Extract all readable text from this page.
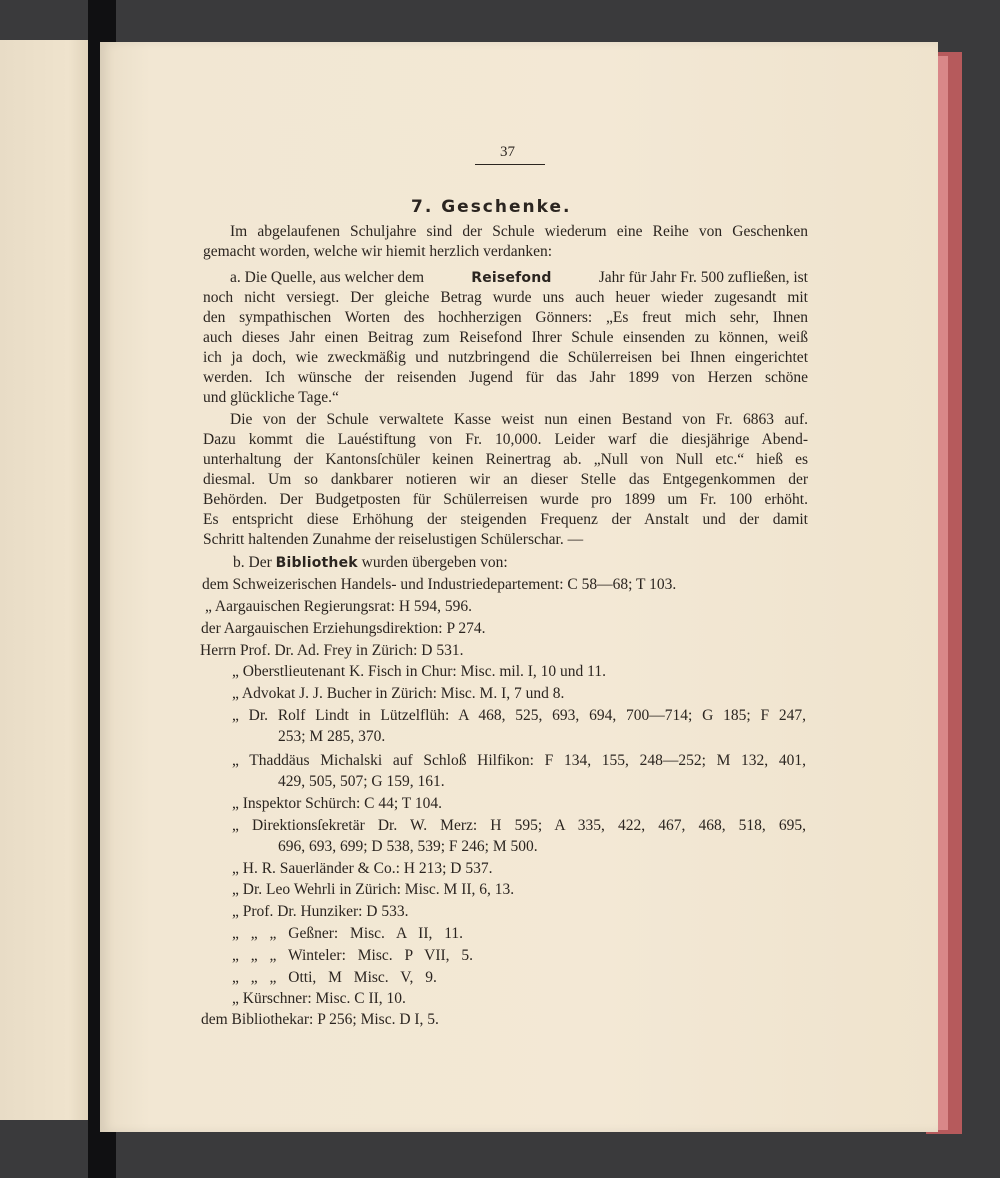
37
7. Geschenke.
Im abgelaufenen Schuljahre sind der Schule wiederum eine Reihe von Geschenken
gemacht worden, welche wir hiemit herzlich verdanken:
a. Die Quelle, aus welcher dem	Reisefond	Jahr für Jahr Fr. 500 zufließen, ist
noch nicht versiegt. Der gleiche Betrag wurde uns auch heuer wieder zugesandt mit
den sympathischen Worten des hochherzigen Gönners: „Es freut mich sehr, Ihnen
auch dieses Jahr einen Beitrag zum Reisefond Ihrer Schule einsenden zu können, weiß
ich ja doch, wie zweckmäßig und nutzbringend die Schülerreisen bei Ihnen eingerichtet
werden. Ich wünsche der reisenden Jugend für das Jahr 1899 von Herzen schöne
und glückliche Tage.“
Die von der Schule verwaltete Kasse weist nun einen Bestand von Fr. 6863 auf.
Dazu kommt die Lauéstiftung von Fr. 10,000. Leider warf die diesjährige Abend-
unterhaltung der Kantonsſchüler keinen Reinertrag ab. „Null von Null etc.“ hieß es
diesmal. Um so dankbarer notieren wir an dieser Stelle das Entgegenkommen der
Behörden. Der Budgetposten für Schülerreisen wurde pro 1899 um Fr. 100 erhöht.
Es entspricht diese Erhöhung der steigenden Frequenz der Anstalt und der damit
Schritt haltenden Zunahme der reiselustigen Schülerschar. —
b. Der Bibliothek wurden übergeben von:
dem Schweizerischen Handels- und Industriedepartement: C 58—68; T 103.
„ Aargauischen Regierungsrat: H 594, 596.
der Aargauischen Erziehungsdirektion: P 274.
Herrn Prof. Dr. Ad. Frey in Zürich: D 531.
„ Oberstlieutenant K. Fisch in Chur: Misc. mil. I, 10 und 11.
„ Advokat J. J. Bucher in Zürich: Misc. M. I, 7 und 8.
„ Dr. Rolf Lindt in Lützelflüh: A 468, 525, 693, 694, 700—714; G 185; F 247,
253; M 285, 370.
„ Thaddäus Michalski auf Schloß Hilfikon: F 134, 155, 248—252; M 132, 401,
429, 505, 507; G 159, 161.
„ Inspektor Schürch: C 44; T 104.
„ Direktionsſekretär Dr. W. Merz: H 595; A 335, 422, 467, 468, 518, 695,
696, 693, 699; D 538, 539; F 246; M 500.
„ H. R. Sauerländer & Co.: H 213; D 537.
„ Dr. Leo Wehrli in Zürich: Misc. M II, 6, 13.
„ Prof. Dr. Hunziker: D 533.
„ „ „ Geßner: Misc. A II, 11.
„ „ „ Winteler: Misc. P VII, 5.
„ „ „ Otti, M Misc. V, 9.
„ Kürschner: Misc. C II, 10.
dem Bibliothekar: P 256; Misc. D I, 5.
